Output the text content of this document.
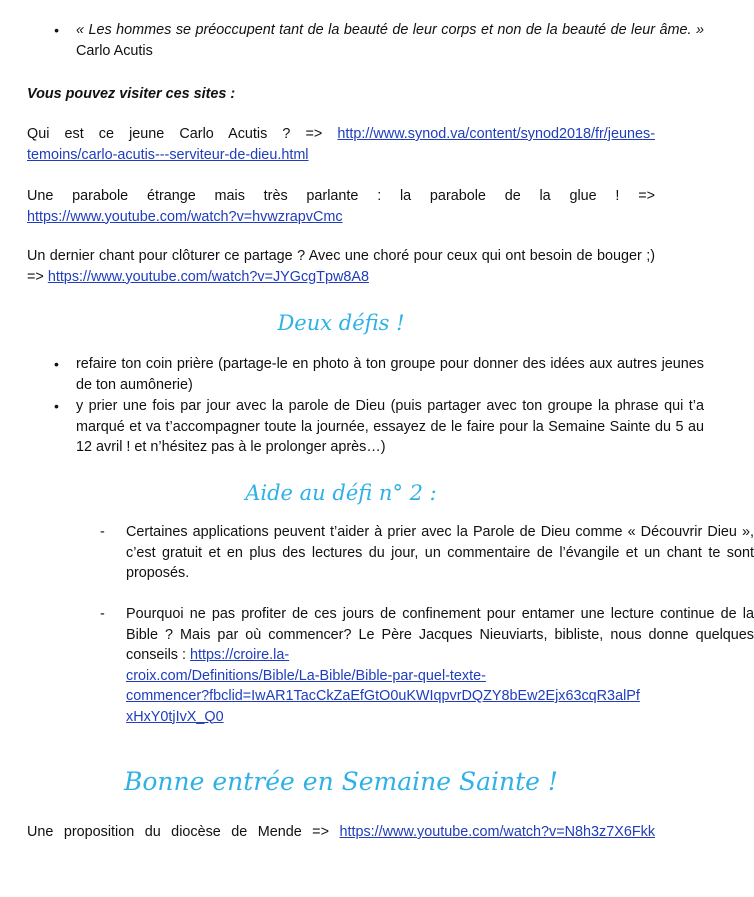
• « Les hommes se préoccupent tant de la beauté de leur corps et non de la beauté de leur âme. » Carlo Acutis
Vous pouvez visiter ces sites :
Qui est ce jeune Carlo Acutis ? => http://www.synod.va/content/synod2018/fr/jeunes-
temoins/carlo-acutis---serviteur-de-dieu.html
Une parabole étrange mais très parlante : la parabole de la glue ! =>
https://www.youtube.com/watch?v=hvwzrapvCmc
Un dernier chant pour clôturer ce partage ? Avec une choré pour ceux qui ont besoin de bouger ;) => https://www.youtube.com/watch?v=JYGcgTpw8A8
Deux défis !
• refaire ton coin prière (partage-le en photo à ton groupe pour donner des idées aux autres jeunes de ton aumônerie)
• y prier une fois par jour avec la parole de Dieu (puis partager avec ton groupe la phrase qui t’a marqué et va t’accompagner toute la journée, essayez de le faire pour la Semaine Sainte du 5 au 12 avril ! et n’hésitez pas à le prolonger après…)
Aide au défi n° 2 :
- Certaines applications peuvent t’aider à prier avec la Parole de Dieu comme « Découvrir Dieu », c’est gratuit et en plus des lectures du jour, un commentaire de l’évangile et un chant te sont proposés.
- Pourquoi ne pas profiter de ces jours de confinement pour entamer une lecture continue de la Bible ? Mais par où commencer? Le Père Jacques Nieuviarts, bibliste, nous donne quelques conseils : https://croire.la-
croix.com/Definitions/Bible/La-Bible/Bible-par-quel-texte-
commencer?fbclid=IwAR1TacCkZaEfGtO0uKWIqpvrDQZY8bEw2Ejx63cqR3alPf
xHxY0tjIvX_Q0
Bonne entrée en Semaine Sainte !
Une proposition du diocèse de Mende => https://www.youtube.com/watch?v=N8h3z7X6Fkk
